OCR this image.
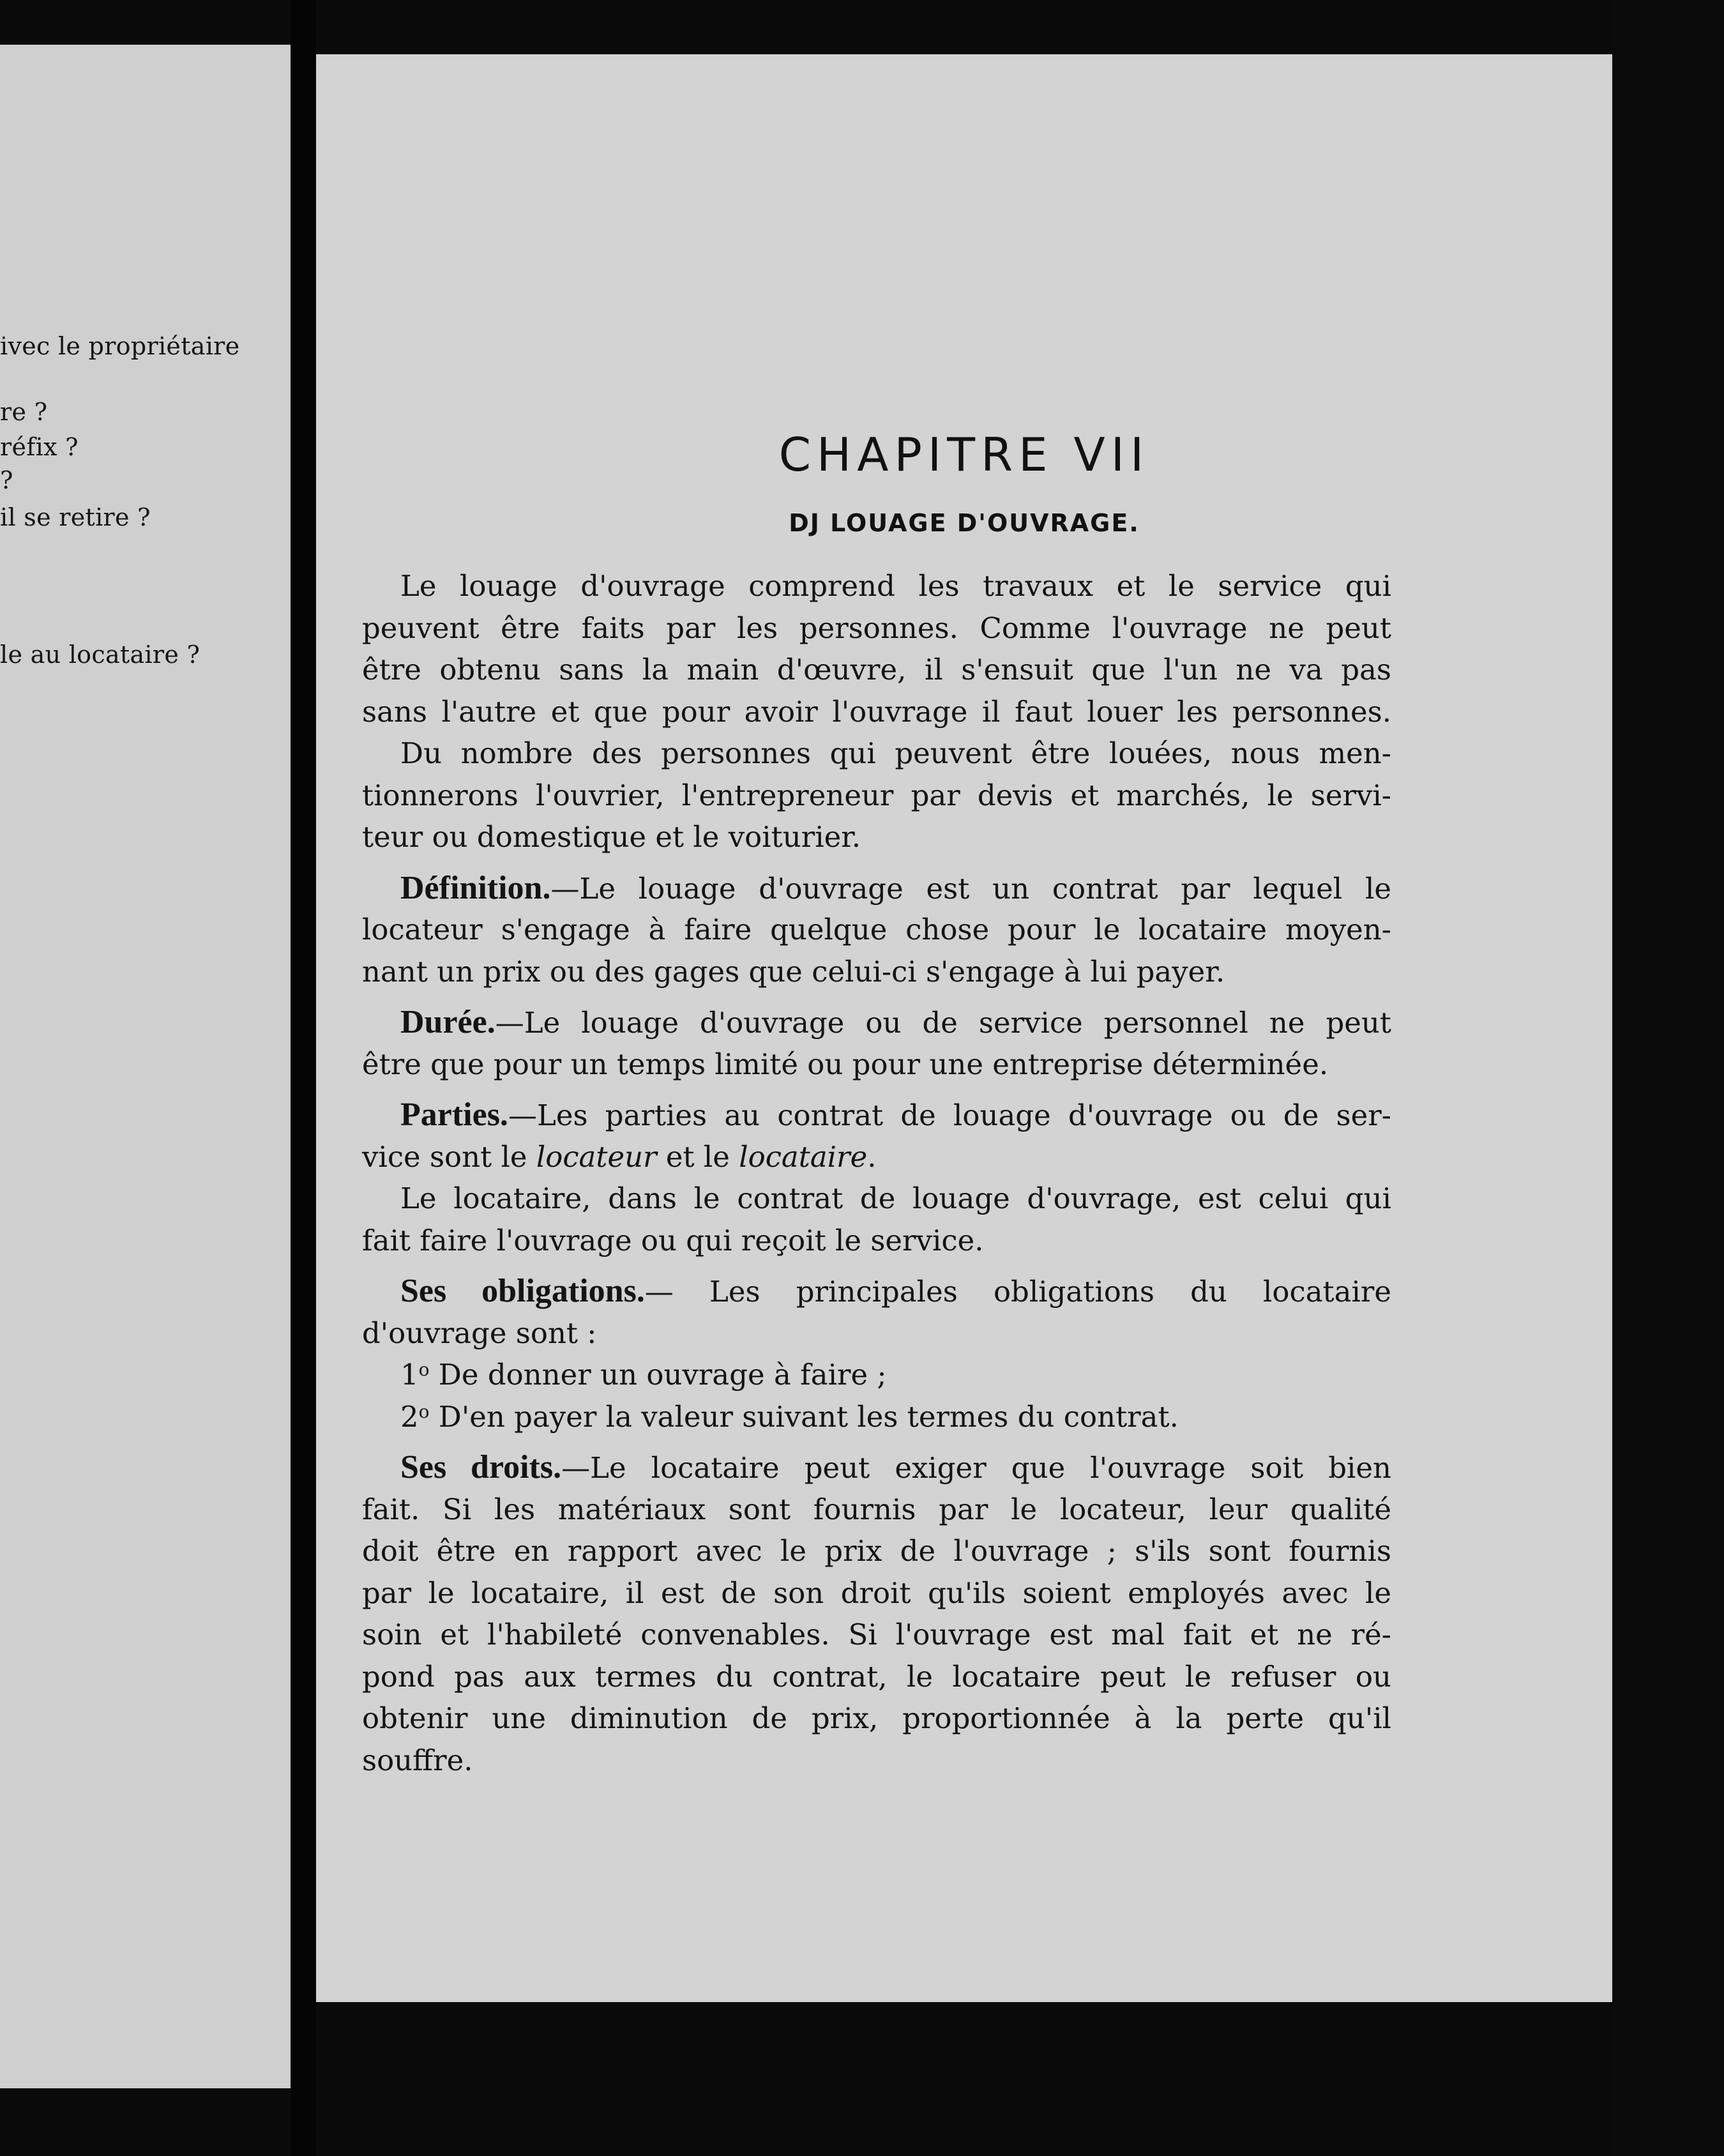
ivec le propriétaire
re ?
réfix ?
?
il se retire ?
le au locataire ?
CHAPITRE VII
DJ LOUAGE D'OUVRAGE.
Le louage d'ouvrage comprend les travaux et le service qui
peuvent être faits par les personnes. Comme l'ouvrage ne peut
être obtenu sans la main d'œuvre, il s'ensuit que l'un ne va pas
sans l'autre et que pour avoir l'ouvrage il faut louer les personnes.
Du nombre des personnes qui peuvent être louées, nous men-
tionnerons l'ouvrier, l'entrepreneur par devis et marchés, le servi-
teur ou domestique et le voiturier.
Définition.—Le louage d'ouvrage est un contrat par lequel le
locateur s'engage à faire quelque chose pour le locataire moyen-
nant un prix ou des gages que celui-ci s'engage à lui payer.
Durée.—Le louage d'ouvrage ou de service personnel ne peut
être que pour un temps limité ou pour une entreprise déterminée.
Parties.—Les parties au contrat de louage d'ouvrage ou de ser-
vice sont le locateur et le locataire.
Le locataire, dans le contrat de louage d'ouvrage, est celui qui
fait faire l'ouvrage ou qui reçoit le service.
Ses obligations.— Les principales obligations du locataire
d'ouvrage sont :
1$^o$ De donner un ouvrage à faire ;
2$^o$ D'en payer la valeur suivant les termes du contrat.
Ses droits.—Le locataire peut exiger que l'ouvrage soit bien
fait. Si les matériaux sont fournis par le locateur, leur qualité
doit être en rapport avec le prix de l'ouvrage ; s'ils sont fournis
par le locataire, il est de son droit qu'ils soient employés avec le
soin et l'habileté convenables. Si l'ouvrage est mal fait et ne ré-
pond pas aux termes du contrat, le locataire peut le refuser ou
obtenir une diminution de prix, proportionnée à la perte qu'il
souffre.
